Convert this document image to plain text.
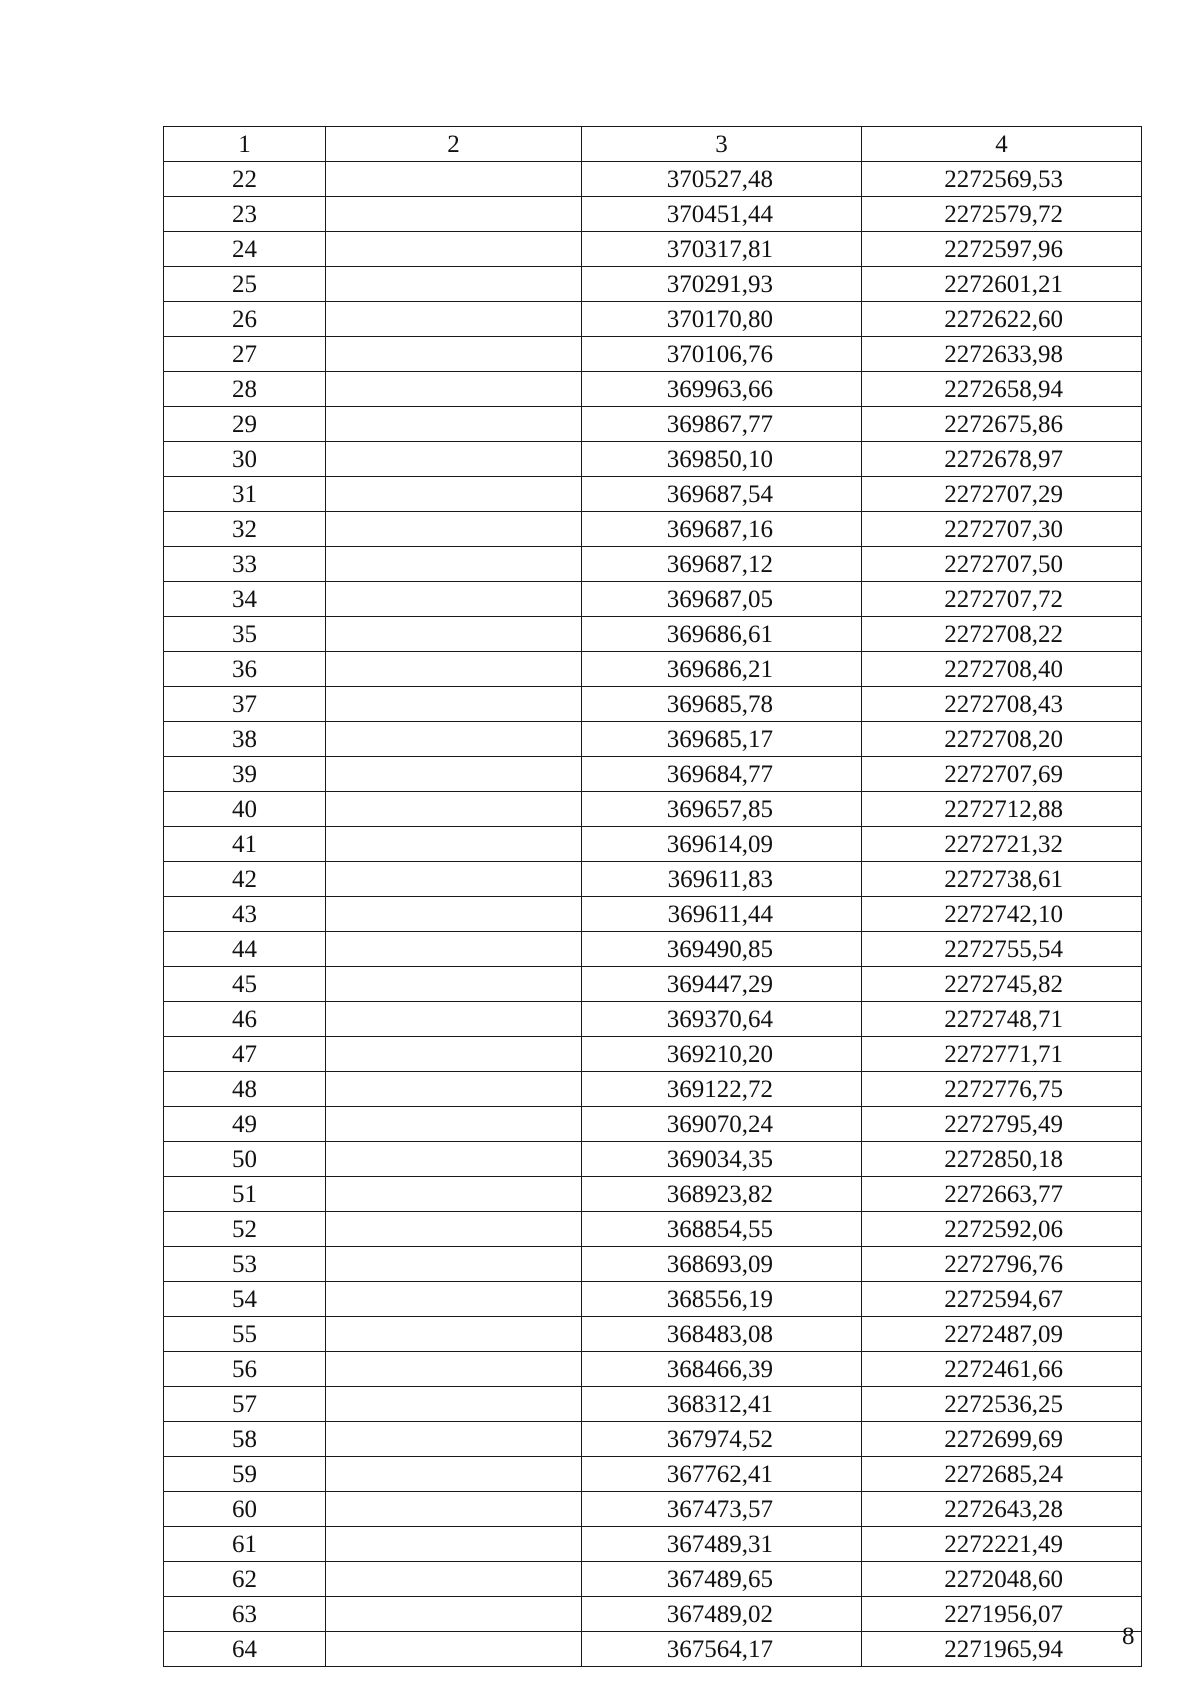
1	2	3	4
22		370527,48	2272569,53
23		370451,44	2272579,72
24		370317,81	2272597,96
25		370291,93	2272601,21
26		370170,80	2272622,60
27		370106,76	2272633,98
28		369963,66	2272658,94
29		369867,77	2272675,86
30		369850,10	2272678,97
31		369687,54	2272707,29
32		369687,16	2272707,30
33		369687,12	2272707,50
34		369687,05	2272707,72
35		369686,61	2272708,22
36		369686,21	2272708,40
37		369685,78	2272708,43
38		369685,17	2272708,20
39		369684,77	2272707,69
40		369657,85	2272712,88
41		369614,09	2272721,32
42		369611,83	2272738,61
43		369611,44	2272742,10
44		369490,85	2272755,54
45		369447,29	2272745,82
46		369370,64	2272748,71
47		369210,20	2272771,71
48		369122,72	2272776,75
49		369070,24	2272795,49
50		369034,35	2272850,18
51		368923,82	2272663,77
52		368854,55	2272592,06
53		368693,09	2272796,76
54		368556,19	2272594,67
55		368483,08	2272487,09
56		368466,39	2272461,66
57		368312,41	2272536,25
58		367974,52	2272699,69
59		367762,41	2272685,24
60		367473,57	2272643,28
61		367489,31	2272221,49
62		367489,65	2272048,60
63		367489,02	2271956,07
64		367564,17	2271965,94 8
